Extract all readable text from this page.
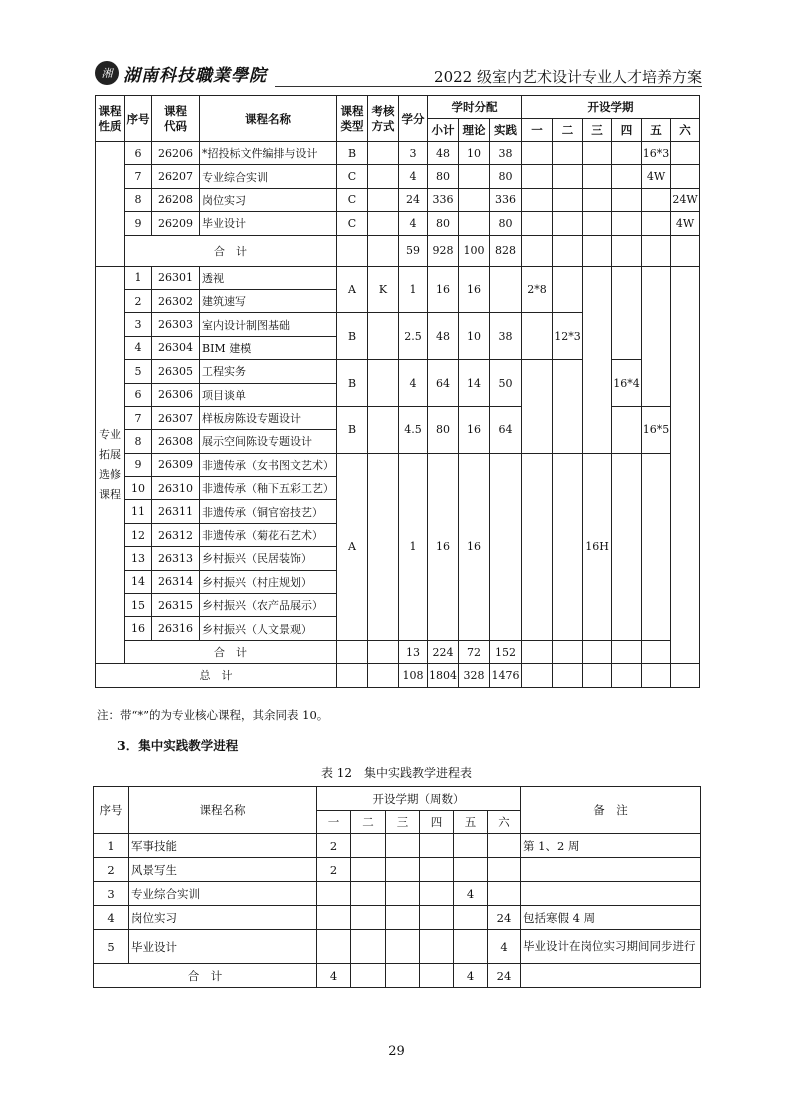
湘 湖南科技職業學院	2022 级室内艺术设计专业人才培养方案
课程性质	序号	课程代码	课程名称	课程类型	考核方式	学分	学时分配			开设学期					
							小计	理论	实践	一	二	三	四	五	六
	6	26206	*招投标文件编排与设计	B		3	48	10	38					16*3	
	7	26207	专业综合实训	C		4	80		80					4W	
	8	26208	岗位实习	C		24	336		336						24W
	9	26209	毕业设计	C		4	80		80						4W
	合　计					59	928	100	828						
专业拓展选修课程	1	26301	透视	A	K	1	16	16		2*8					
	2	26302	建筑速写												
	3	26303	室内设计制图基础	B		2.5	48	10	38		12*3				
	4	26304	BIM 建模												
	5	26305	工程实务	B		4	64	14	50				16*4		
	6	26306	项目谈单												
	7	26307	样板房陈设专题设计	B		4.5	80	16	64					16*5	
	8	26308	展示空间陈设专题设计												
	9	26309	非遗传承（女书图文艺术）	A		1	16	16				16H			
	10	26310	非遗传承（釉下五彩工艺）												
	11	26311	非遗传承（铜官窑技艺）												
	12	26312	非遗传承（菊花石艺术）												
	13	26313	乡村振兴（民居装饰）												
	14	26314	乡村振兴（村庄规划）												
	15	26315	乡村振兴（农产品展示）												
	16	26316	乡村振兴（人文景观）												
	合　计					13	224	72	152						
总　计						108	1804	328	1476						
注：带“*”的为专业核心课程，其余同表 10。
3．集中实践教学进程
表 12　集中实践教学进程表
序号	课程名称	开设学期（周数）						备　注
		一	二	三	四	五	六	
1	军事技能	2						第 1、2 周
2	风景写生	2						
3	专业综合实训					4		
4	岗位实习						24	包括寒假 4 周
5	毕业设计						4	毕业设计在岗位实习期间同步进行
合　计		4				4	24	
29
